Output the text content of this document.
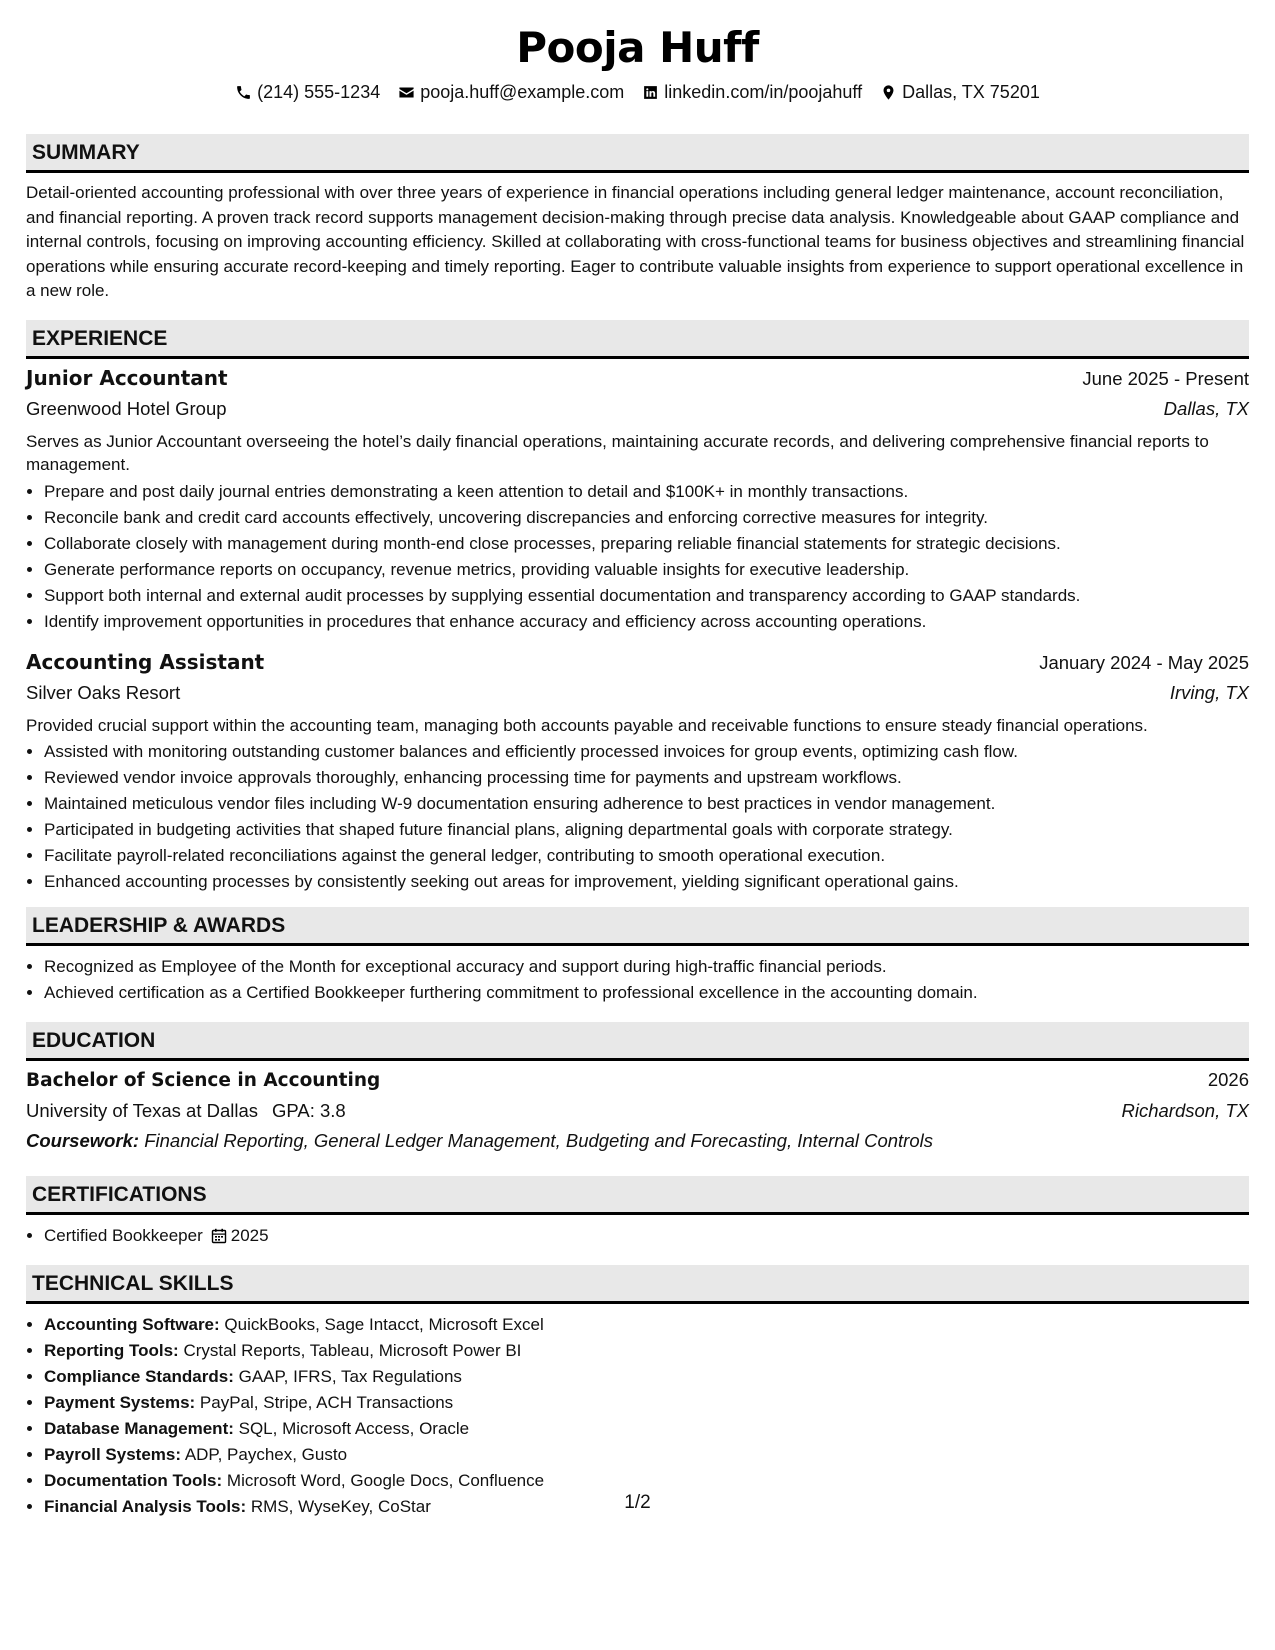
Pooja Huff
(214) 555-1234 pooja.huff@example.com linkedin.com/in/poojahuff Dallas, TX 75201
SUMMARY

Detail-oriented accounting professional with over three years of experience in financial operations including general ledger maintenance, account reconciliation, and financial reporting. A proven track record supports management decision-making through precise data analysis. Knowledgeable about GAAP compliance and internal controls, focusing on improving accounting efficiency. Skilled at collaborating with cross-functional teams for business objectives and streamlining financial operations while ensuring accurate record-keeping and timely reporting. Eager to contribute valuable insights from experience to support operational excellence in a new role.

EXPERIENCE
Junior Accountant	June 2025 - Present
Greenwood Hotel Group	Dallas, TX

Serves as Junior Accountant overseeing the hotel’s daily financial operations, maintaining accurate records, and delivering comprehensive financial reports to management.

• Prepare and post daily journal entries demonstrating a keen attention to detail and $100K+ in monthly transactions.
• Reconcile bank and credit card accounts effectively, uncovering discrepancies and enforcing corrective measures for integrity.
• Collaborate closely with management during month-end close processes, preparing reliable financial statements for strategic decisions.
• Generate performance reports on occupancy, revenue metrics, providing valuable insights for executive leadership.
• Support both internal and external audit processes by supplying essential documentation and transparency according to GAAP standards.
• Identify improvement opportunities in procedures that enhance accuracy and efficiency across accounting operations.
Accounting Assistant	January 2024 - May 2025
Silver Oaks Resort	Irving, TX

Provided crucial support within the accounting team, managing both accounts payable and receivable functions to ensure steady financial operations.

• Assisted with monitoring outstanding customer balances and efficiently processed invoices for group events, optimizing cash flow.
• Reviewed vendor invoice approvals thoroughly, enhancing processing time for payments and upstream workflows.
• Maintained meticulous vendor files including W-9 documentation ensuring adherence to best practices in vendor management.
• Participated in budgeting activities that shaped future financial plans, aligning departmental goals with corporate strategy.
• Facilitate payroll-related reconciliations against the general ledger, contributing to smooth operational execution.
• Enhanced accounting processes by consistently seeking out areas for improvement, yielding significant operational gains.
LEADERSHIP & AWARDS
• Recognized as Employee of the Month for exceptional accuracy and support during high-traffic financial periods.
• Achieved certification as a Certified Bookkeeper furthering commitment to professional excellence in the accounting domain.
EDUCATION
Bachelor of Science in Accounting	2026
University of Texas at Dallas GPA: 3.8	Richardson, TX
Coursework: Financial Reporting, General Ledger Management, Budgeting and Forecasting, Internal Controls
CERTIFICATIONS
• Certified Bookkeeper 2025
TECHNICAL SKILLS
• Accounting Software: QuickBooks, Sage Intacct, Microsoft Excel
• Reporting Tools: Crystal Reports, Tableau, Microsoft Power BI
• Compliance Standards: GAAP, IFRS, Tax Regulations
• Payment Systems: PayPal, Stripe, ACH Transactions
• Database Management: SQL, Microsoft Access, Oracle
• Payroll Systems: ADP, Paychex, Gusto
• Documentation Tools: Microsoft Word, Google Docs, Confluence
• Financial Analysis Tools: RMS, WyseKey, CoStar	1/2
